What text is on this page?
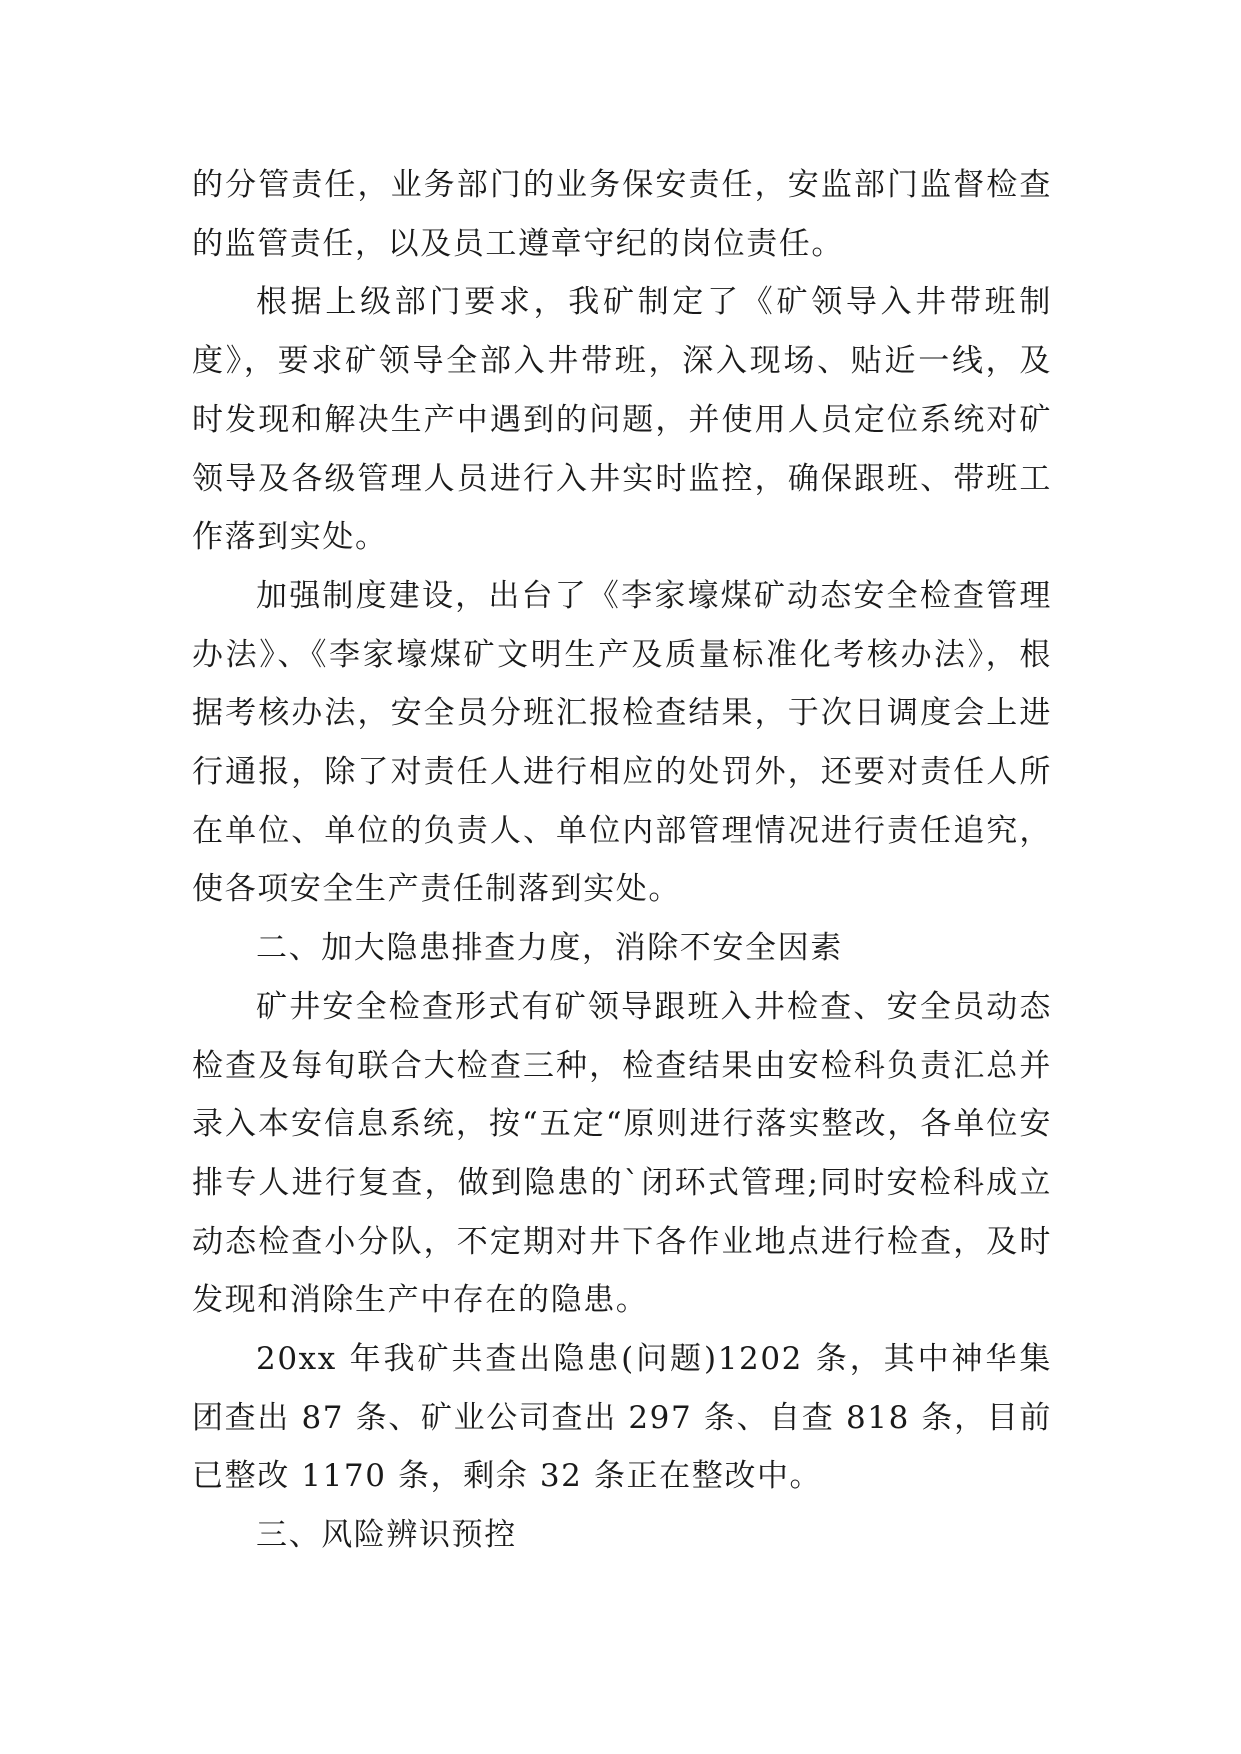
的分管责任，业务部门的业务保安责任，安监部门监督检查的监管责任，以及员工遵章守纪的岗位责任。

根据上级部门要求，我矿制定了《矿领导入井带班制度》，要求矿领导全部入井带班，深入现场、贴近一线，及时发现和解决生产中遇到的问题，并使用人员定位系统对矿领导及各级管理人员进行入井实时监控，确保跟班、带班工作落到实处。

加强制度建设，出台了《李家壕煤矿动态安全检查管理办法》、《李家壕煤矿文明生产及质量标准化考核办法》，根据考核办法，安全员分班汇报检查结果，于次日调度会上进行通报，除了对责任人进行相应的处罚外，还要对责任人所在单位、单位的负责人、单位内部管理情况进行责任追究，使各项安全生产责任制落到实处。

二、加大隐患排查力度，消除不安全因素

矿井安全检查形式有矿领导跟班入井检查、安全员动态检查及每旬联合大检查三种，检查结果由安检科负责汇总并录入本安信息系统，按“五定“原则进行落实整改，各单位安排专人进行复查，做到隐患的`闭环式管理;同时安检科成立动态检查小分队，不定期对井下各作业地点进行检查，及时发现和消除生产中存在的隐患。

20xx 年我矿共查出隐患(问题)1202 条，其中神华集团查出 87 条、矿业公司查出 297 条、自查 818 条，目前已整改 1170 条，剩余 32 条正在整改中。

三、风险辨识预控
